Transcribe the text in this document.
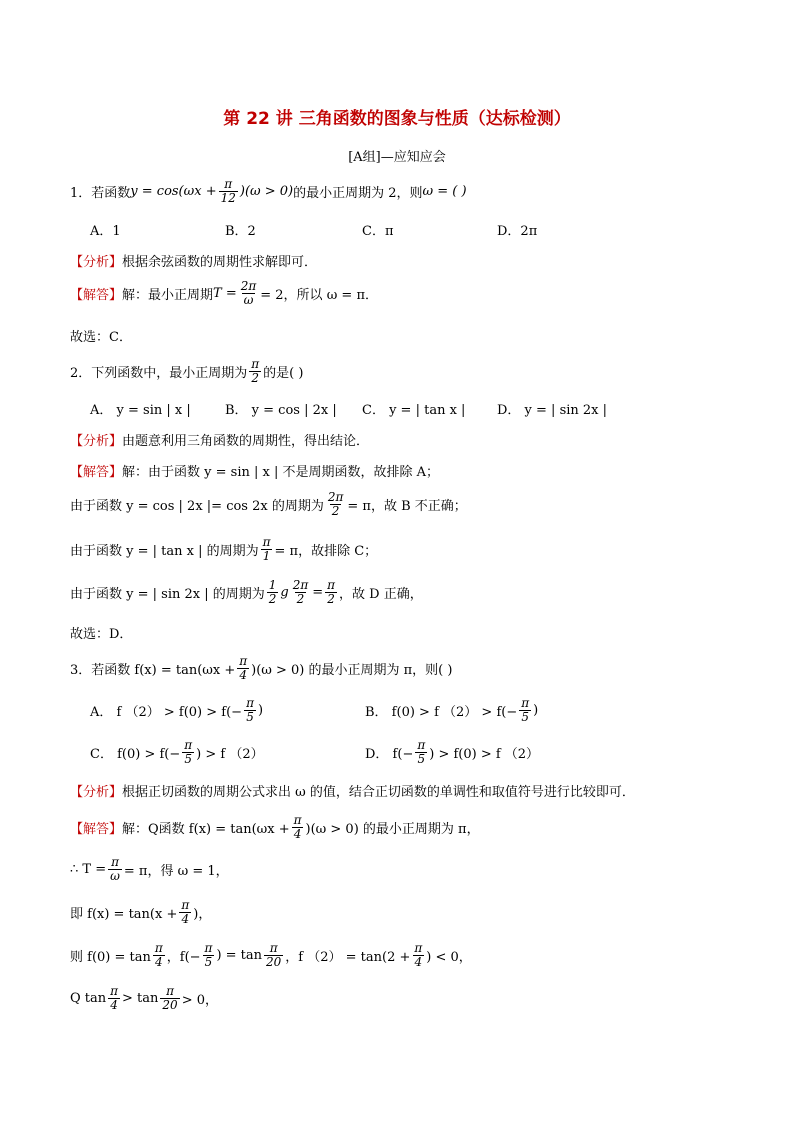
第 22 讲 三角函数的图象与性质（达标检测）
[A组]—应知应会
1．若函数 $y = \cos(\omega x + \frac{\pi}{12} )(\omega > 0)$ 的最小正周期为 2，则 ω = ( )
A．1	B．2	C．π	D．2π
【分析】 根据余弦函数的周期性求解即可．
【解答】 解：最小正周期 $T = \frac{2\pi}{\omega} = 2$，所以 ω = π．
故选：C．
2．下列函数中，最小正周期为 $\frac{\pi}{2}$ 的是( )
A． y = sin | x |	B． y = cos | 2x | C． y = | tan x | D． y = | sin 2x |
【分析】 由题意利用三角函数的周期性，得出结论．
【解答】 解：由于函数 y = sin | x | 不是周期函数，故排除 A；
由于函数 y = cos | 2x |= cos 2x 的周期为 $\frac{2\pi}{2} = \pi$，故 B 不正确；
由于函数 y = | tan x | 的周期为 $\frac{\pi}{1} = \pi$，故排除 C；
由于函数 y = | sin 2x | 的周期为 $\frac{1}{2}$ g $\frac{2\pi}{2} = \frac{\pi}{2}$ ，故 D 正确，
故选：D．
3．若函数 $f(x) = \tan(\omega x + \frac{\pi}{4} )(\omega > 0)$ 的最小正周期为 π，则( )
A． f $(2) > f(0) > f(- \frac{\pi}{5}$ )	B． f(0) > f $(2) > f(- \frac{\pi}{5}$ )
C． $f(0) > f(- \frac{\pi}{5}$ ) > f （2）	D． $f(- \frac{\pi}{5}$ ) > f(0) > f （2）
【分析】 根据正切函数的周期公式求出 ω 的值，结合正切函数的单调性和取值符号进行比较即可．
【解答】 解：Q函数 $f(x) = \tan(\omega x + \frac{\pi}{4} )(\omega > 0)$ 的最小正周期为 π，
∴ $T = \frac{\pi}{\omega} = \pi$，得 ω = 1，
即 $f(x) = \tan(x + \frac{\pi}{4}$ )，
则 $f(0) = \tan \frac{\pi}{4}$ ，$f(- \frac{\pi}{5}$ ) = $\tan \frac{\pi}{20}$ ，f $(2) = \tan(2 + \frac{\pi}{4}$ ) < 0，
Q $\tan \frac{\pi}{4} > \tan \frac{\pi}{20} > 0$，
